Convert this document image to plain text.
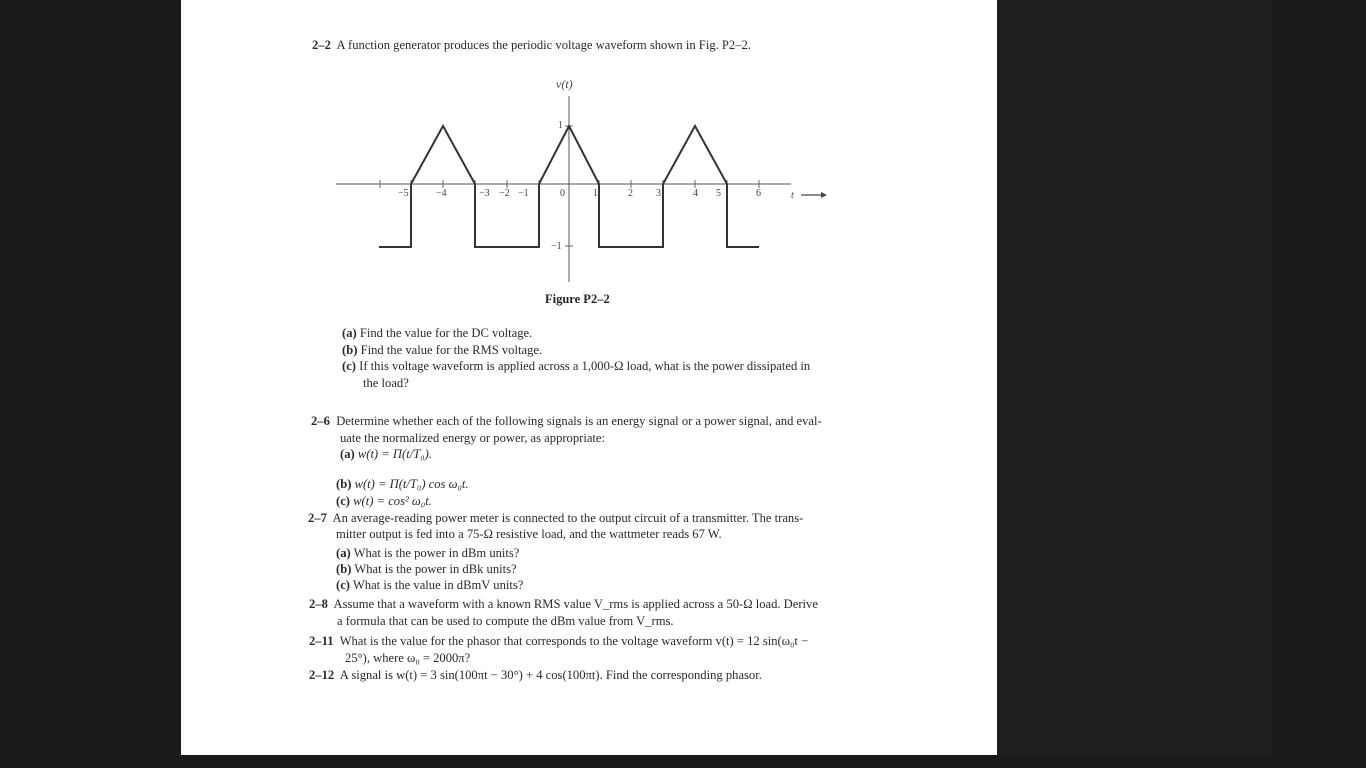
2–2 A function generator produces the periodic voltage waveform shown in Fig. P2–2.
v(t)
1
−1
−5	−4	−3 −2 −1	0	1	2 3	4 5	6	t
Figure P2–2
(a) Find the value for the DC voltage.
(b) Find the value for the RMS voltage.
(c) If this voltage waveform is applied across a 1,000-Ω load, what is the power dissipated in
the load?
2–6 Determine whether each of the following signals is an energy signal or a power signal, and eval-
uate the normalized energy or power, as appropriate:
(a) w(t) = Π(t/T₀).
(b) w(t) = Π(t/T₀) cos ω₀t.
(c) w(t) = cos² ω₀t.
2–7 An average-reading power meter is connected to the output circuit of a transmitter. The trans-
mitter output is fed into a 75-Ω resistive load, and the wattmeter reads 67 W.
(a) What is the power in dBm units?
(b) What is the power in dBk units?
(c) What is the value in dBmV units?
2–8 Assume that a waveform with a known RMS value V_rms is applied across a 50-Ω load. Derive
a formula that can be used to compute the dBm value from V_rms.
2–11 What is the value for the phasor that corresponds to the voltage waveform v(t) = 12 sin(ω₀t −
25°), where ω₀ = 2000π?
2–12 A signal is w(t) = 3 sin(100πt − 30°) + 4 cos(100πt). Find the corresponding phasor.
